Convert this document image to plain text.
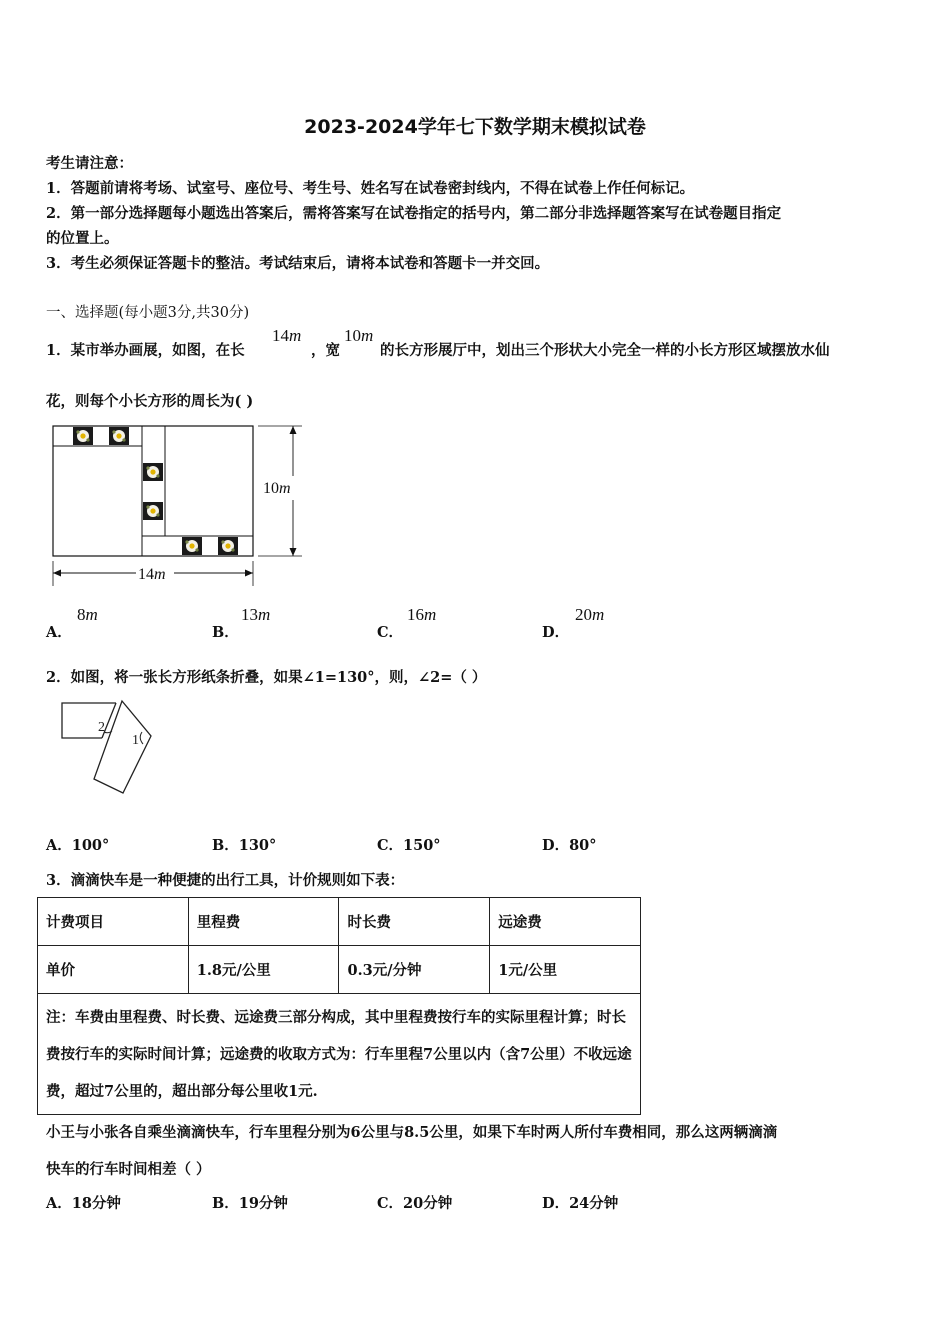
2023-2024学年七下数学期末模拟试卷
考生请注意：
1．答题前请将考场、试室号、座位号、考生号、姓名写在试卷密封线内，不得在试卷上作任何标记。
2．第一部分选择题每小题选出答案后，需将答案写在试卷指定的括号内，第二部分非选择题答案写在试卷题目指定
的位置上。
3．考生必须保证答题卡的整洁。考试结束后，请将本试卷和答题卡一并交回。
一、选择题(每小题3分,共30分)
1．某市举办画展，如图，在长
14m
，宽
10m
的长方形展厅中，划出三个形状大小完全一样的小长方形区域摆放水仙
花，则每个小长方形的周长为( )
10m
14m
A．
8m
B．
13m
C．
16m
D．
20m
2．如图，将一张长方形纸条折叠，如果∠1=130°，则，∠2=（ ）
2
1
A．100°	B．130°	C．150°	D．80°
3．滴滴快车是一种便捷的出行工具，计价规则如下表：
计费项目	里程费	时长费	远途费
单价	1.8元/公里	0.3元/分钟	1元/公里
注：车费由里程费、时长费、远途费三部分构成，其中里程费按行车的实际里程计算；时长费按行车的实际时间计算；远途费的收取方式为：行车里程7公里以内（含7公里）不收远途费，超过7公里的，超出部分每公里收1元.			
小王与小张各自乘坐滴滴快车，行车里程分别为6公里与8.5公里，如果下车时两人所付车费相同，那么这两辆滴滴
快车的行车时间相差（ ）
A．18分钟	B．19分钟	C．20分钟	D．24分钟
